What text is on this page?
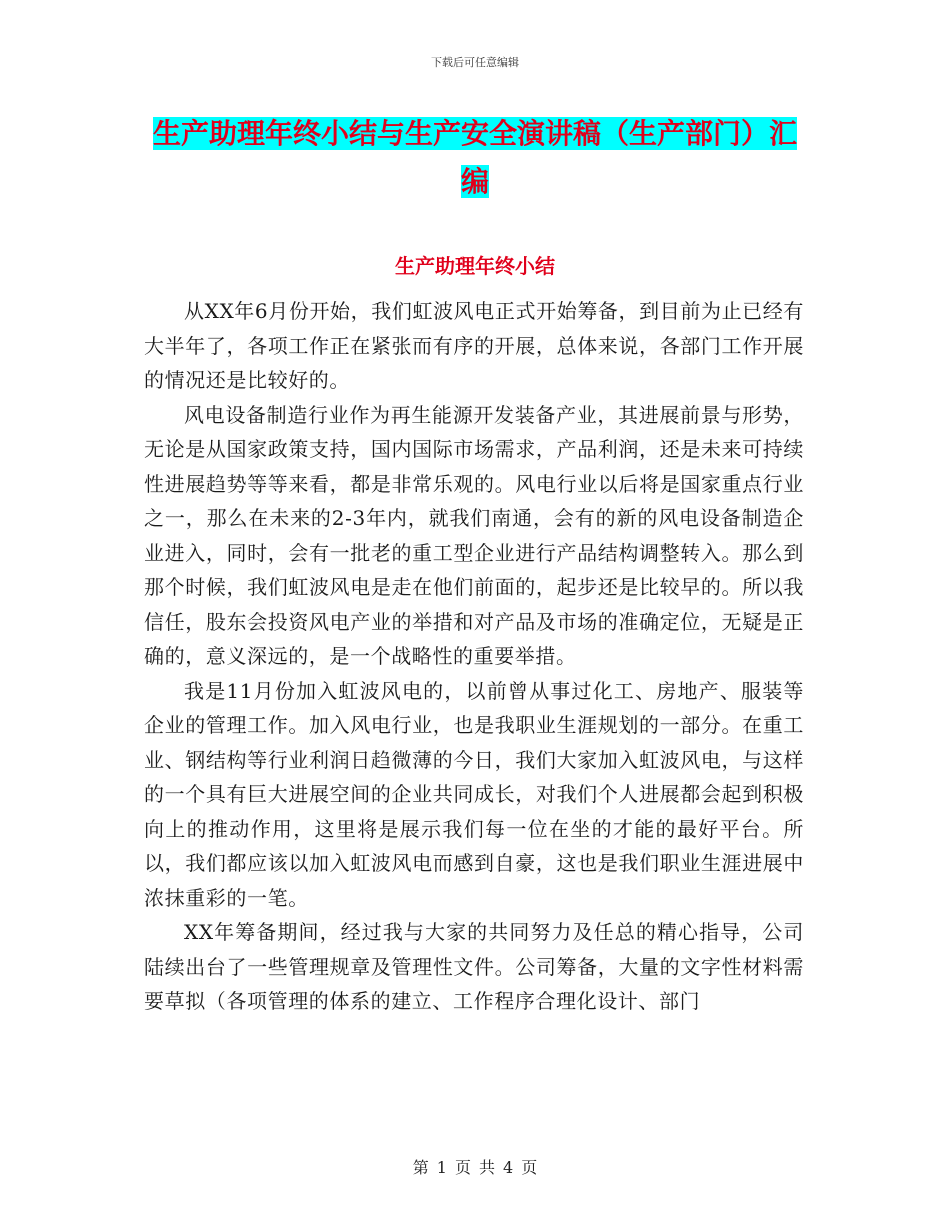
下载后可任意编辑
生产助理年终小结与生产安全演讲稿（生产部门）汇
编
生产助理年终小结

从XX年6月份开始，我们虹波风电正式开始筹备，到目前为止已经有大半年了，各项工作正在紧张而有序的开展，总体来说，各部门工作开展的情况还是比较好的。

风电设备制造行业作为再生能源开发装备产业，其进展前景与形势，无论是从国家政策支持，国内国际市场需求，产品利润，还是未来可持续性进展趋势等等来看，都是非常乐观的。风电行业以后将是国家重点行业之一，那么在未来的2-3年内，就我们南通，会有的新的风电设备制造企业进入，同时，会有一批老的重工型企业进行产品结构调整转入。那么到那个时候，我们虹波风电是走在他们前面的，起步还是比较早的。所以我信任，股东会投资风电产业的举措和对产品及市场的准确定位，无疑是正确的，意义深远的，是一个战略性的重要举措。

我是11月份加入虹波风电的，以前曾从事过化工、房地产、服装等企业的管理工作。加入风电行业，也是我职业生涯规划的一部分。在重工业、钢结构等行业利润日趋微薄的今日，我们大家加入虹波风电，与这样的一个具有巨大进展空间的企业共同成长，对我们个人进展都会起到积极向上的推动作用，这里将是展示我们每一位在坐的才能的最好平台。所以，我们都应该以加入虹波风电而感到自豪，这也是我们职业生涯进展中浓抹重彩的一笔。

XX年筹备期间，经过我与大家的共同努力及任总的精心指导，公司陆续出台了一些管理规章及管理性文件。公司筹备，大量的文字性材料需要草拟（各项管理的体系的建立、工作程序合理化设计、部门

第 1 页 共 4 页
